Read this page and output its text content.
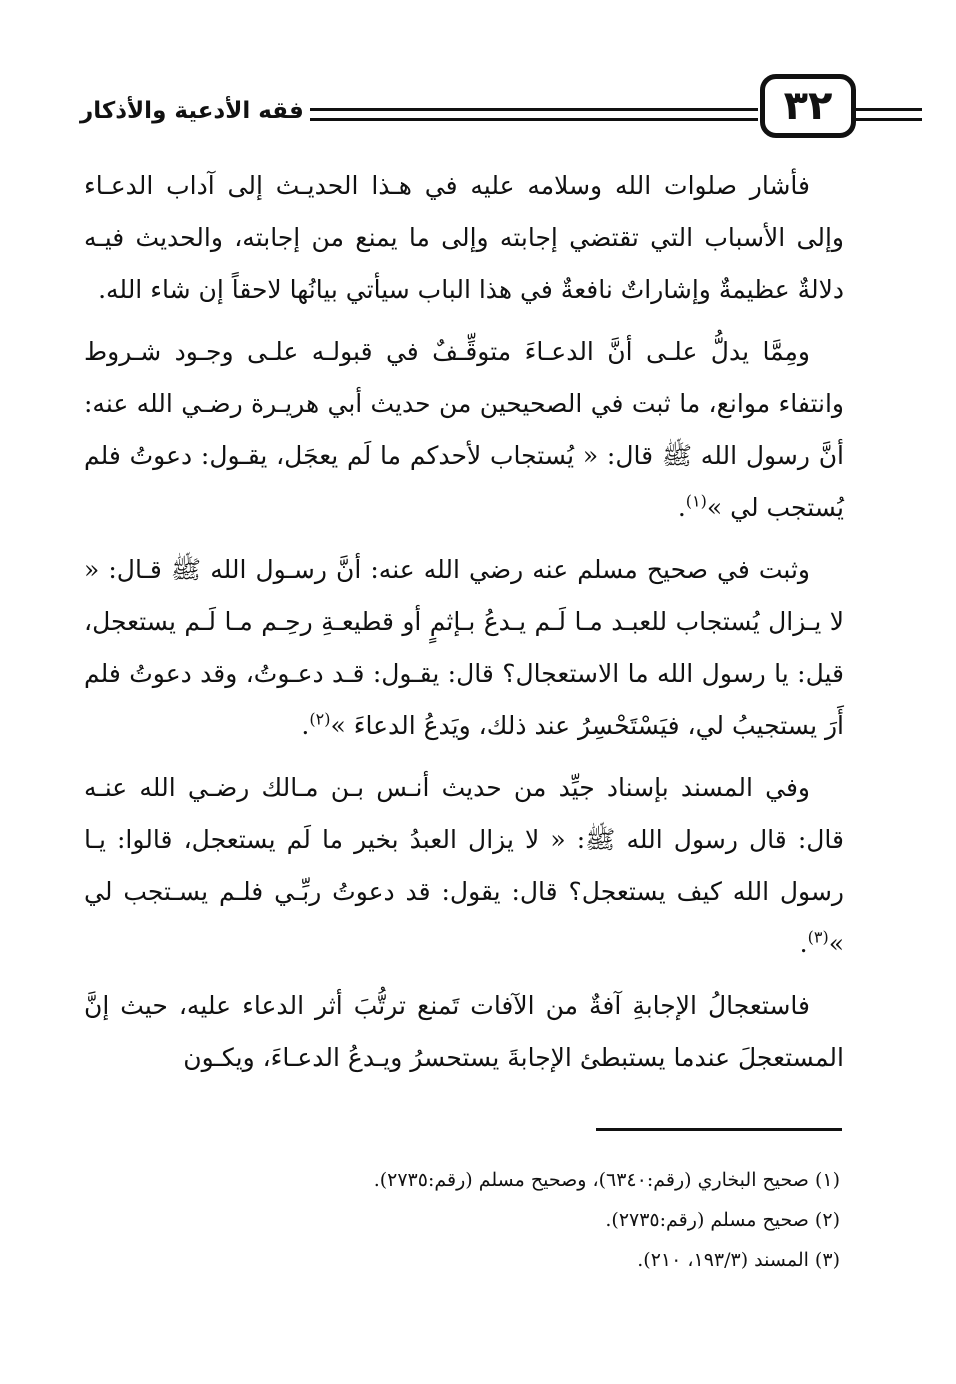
٣٢
فقه الأدعية والأذكار

فأشار صلوات الله وسلامه عليه في هـذا الحديـث إلى آداب الدعـاء وإلى الأسباب التي تقتضي إجابته وإلى ما يمنع من إجابته، والحديث فيـه دلالةٌ عظيمةٌ وإشاراتٌ نافعةٌ في هذا الباب سيأتي بيانُها لاحقاً إن شاء الله.

ومِمَّا يدلُّ علـى أنَّ الدعـاءَ متوقِّـفٌ في قبولـه علـى وجـود شـروط وانتفاء موانع، ما ثبت في الصحيحين من حديث أبي هريـرة رضـي الله عنه: أنَّ رسول الله ﷺ قال: « يُستجاب لأحدكم ما لَم يعجَل، يقـول: دعوتُ فلم يُستجب لي »$^{(١)}$.

وثبت في صحيح مسلم عنه رضي الله عنه: أنَّ رسـول الله ﷺ قـال: « لا يـزال يُستجاب للعبـد مـا لَـم يـدعُ بـإثمٍ أو قطيعـةِ رحِـم مـا لَـم يستعجل، قيل: يا رسول الله ما الاستعجال؟ قال: يقـول: قـد دعـوتُ، وقد دعوتُ فلم أَرَ يستجيبُ لي، فيَسْتَحْسِرُ عند ذلك، ويَدعُ الدعاءَ »$^{(٢)}$.

وفي المسند بإسناد جيِّد من حديث أنـس بـن مـالك رضـي الله عنـه قال: قال رسول الله ﷺ: « لا يزال العبدُ بخير ما لَم يستعجل، قالوا: يـا رسول الله كيف يستعجل؟ قال: يقول: قد دعوتُ ربِّـي فلـم يسـتجب لي »$^{(٣)}$.

فاستعجالُ الإجابةِ آفةٌ من الآفات تَمنع ترتُّبَ أثر الدعاء عليه، حيث إنَّ المستعجلَ عندما يستبطئ الإجابةَ يستحسرُ ويـدعُ الدعـاءَ، ويكـون

(١) صحيح البخاري (رقم:٦٣٤٠)، وصحيح مسلم (رقم:٢٧٣٥).

(٢) صحيح مسلم (رقم:٢٧٣٥).

(٣) المسند (١٩٣/٣، ٢١٠).
